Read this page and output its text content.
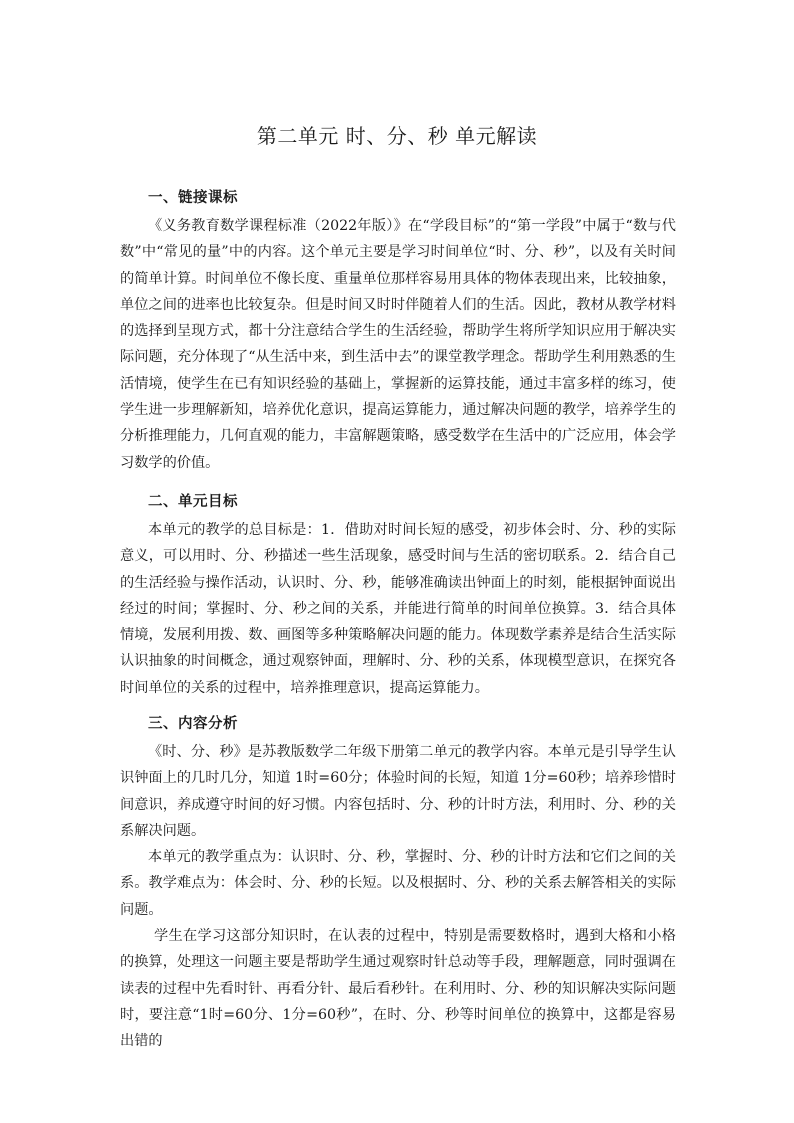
第二单元 时、分、秒 单元解读
一、链接课标

《义务教育数学课程标准（2022年版）》在“学段目标”的“第一学段”中属于“数与代数”中“常见的量”中的内容。这个单元主要是学习时间单位“时、分、秒”，以及有关时间的简单计算。时间单位不像长度、重量单位那样容易用具体的物体表现出来，比较抽象，单位之间的进率也比较复杂。但是时间又时时伴随着人们的生活。因此，教材从教学材料的选择到呈现方式，都十分注意结合学生的生活经验，帮助学生将所学知识应用于解决实际问题，充分体现了“从生活中来，到生活中去”的课堂教学理念。帮助学生利用熟悉的生活情境，使学生在已有知识经验的基础上，掌握新的运算技能，通过丰富多样的练习，使学生进一步理解新知，培养优化意识，提高运算能力，通过解决问题的教学，培养学生的分析推理能力，几何直观的能力，丰富解题策略，感受数学在生活中的广泛应用，体会学习数学的价值。

二、单元目标

本单元的教学的总目标是：1．借助对时间长短的感受，初步体会时、分、秒的实际意义，可以用时、分、秒描述一些生活现象，感受时间与生活的密切联系。2．结合自己的生活经验与操作活动，认识时、分、秒，能够准确读出钟面上的时刻，能根据钟面说出经过的时间；掌握时、分、秒之间的关系，并能进行简单的时间单位换算。3．结合具体情境，发展利用拨、数、画图等多种策略解决问题的能力。体现数学素养是结合生活实际认识抽象的时间概念，通过观察钟面，理解时、分、秒的关系，体现模型意识，在探究各时间单位的关系的过程中，培养推理意识，提高运算能力。

三、内容分析

《时、分、秒》是苏教版数学二年级下册第二单元的教学内容。本单元是引导学生认识钟面上的几时几分，知道 1时=60分；体验时间的长短，知道 1分=60秒；培养珍惜时间意识，养成遵守时间的好习惯。内容包括时、分、秒的计时方法，利用时、分、秒的关系解决问题。

本单元的教学重点为：认识时、分、秒，掌握时、分、秒的计时方法和它们之间的关系。教学难点为：体会时、分、秒的长短。以及根据时、分、秒的关系去解答相关的实际问题。

学生在学习这部分知识时，在认表的过程中，特别是需要数格时，遇到大格和小格的换算，处理这一问题主要是帮助学生通过观察时针总动等手段，理解题意，同时强调在读表的过程中先看时针、再看分针、最后看秒针。在利用时、分、秒的知识解决实际问题时，要注意“1时=60分、1分=60秒”，在时、分、秒等时间单位的换算中，这都是容易出错的
